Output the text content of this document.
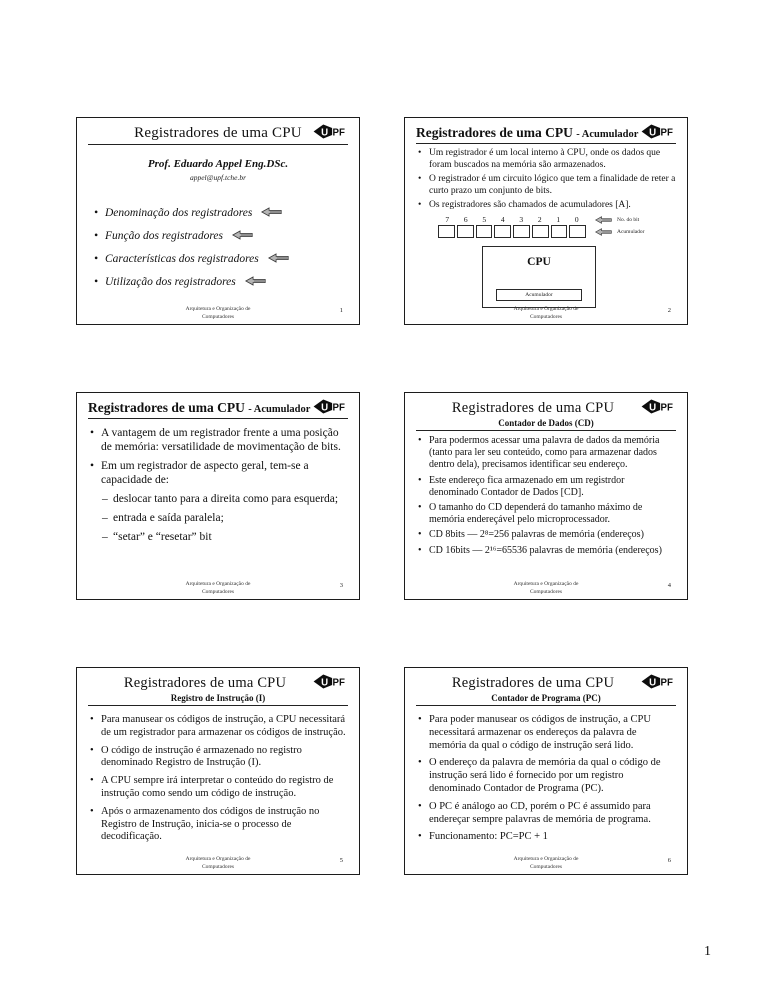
Registradores de uma CPU	U PF
Prof. Eduardo Appel Eng.DSc.
appel@upf.tche.br
• Denominação dos registradores
• Função dos registradores
• Características dos registradores
• Utilização dos registradores
Arquitetura e Organização de
Computadores
1
Registradores de uma CPU - Acumulador U PF
• Um registrador é um local interno à CPU, onde os dados que foram buscados na memória são armazenados.
• O registrador é um circuito lógico que tem a finalidade de reter a curto prazo um conjunto de bits.
• Os registradores são chamados de acumuladores [A].
7	6	5	4	3	2	1	0	No. do bit
Acumulador
CPU
Acumulador
Arquitetura e Organização de
Computadores
2
Registradores de uma CPU - Acumulador U PF
• A vantagem de um registrador frente a uma posição de memória: versatilidade de movimentação de bits.
• Em um registrador de aspecto geral, tem-se a capacidade de:
– deslocar tanto para a direita como para esquerda;
– entrada e saída paralela;
– “setar” e “resetar” bit
Arquitetura e Organização de
Computadores
3
Registradores de uma CPU
Contador de Dados (CD)
U PF
• Para podermos acessar uma palavra de dados da memória (tanto para ler seu conteúdo, como para armazenar dados dentro dela), precisamos identificar seu endereço.
• Este endereço fica armazenado em um registrdor denominado Contador de Dados [CD].
• O tamanho do CD dependerá do tamanho máximo de memória endereçável pelo microprocessador.
• CD 8bits — 2⁸=256 palavras de memória (endereços)
• CD 16bits — 2¹⁶=65536 palavras de memória (endereços)
Arquitetura e Organização de
Computadores
4
Registradores de uma CPU
Registro de Instrução (I)
U PF
• Para manusear os códigos de instrução, a CPU necessitará de um registrador para armazenar os códigos de instrução.
• O código de instrução é armazenado no registro denominado Registro de Instrução (I).
• A CPU sempre irá interpretar o conteúdo do registro de instrução como sendo um código de instrução.
• Após o armazenamento dos códigos de instrução no Registro de Instrução, inicia-se o processo de decodificação.
Arquitetura e Organização de
Computadores
5
Registradores de uma CPU
Contador de Programa (PC)
U PF
• Para poder manusear os códigos de instrução, a CPU necessitará armazenar os endereços da palavra de memória da qual o código de instrução será lido.
• O endereço da palavra de memória da qual o código de instrução será lido é fornecido por um registro denominado Contador de Programa (PC).
• O PC é análogo ao CD, porém o PC é assumido para endereçar sempre palavras de memória de programa.
• Funcionamento: PC=PC + 1
Arquitetura e Organização de
Computadores
6
1
